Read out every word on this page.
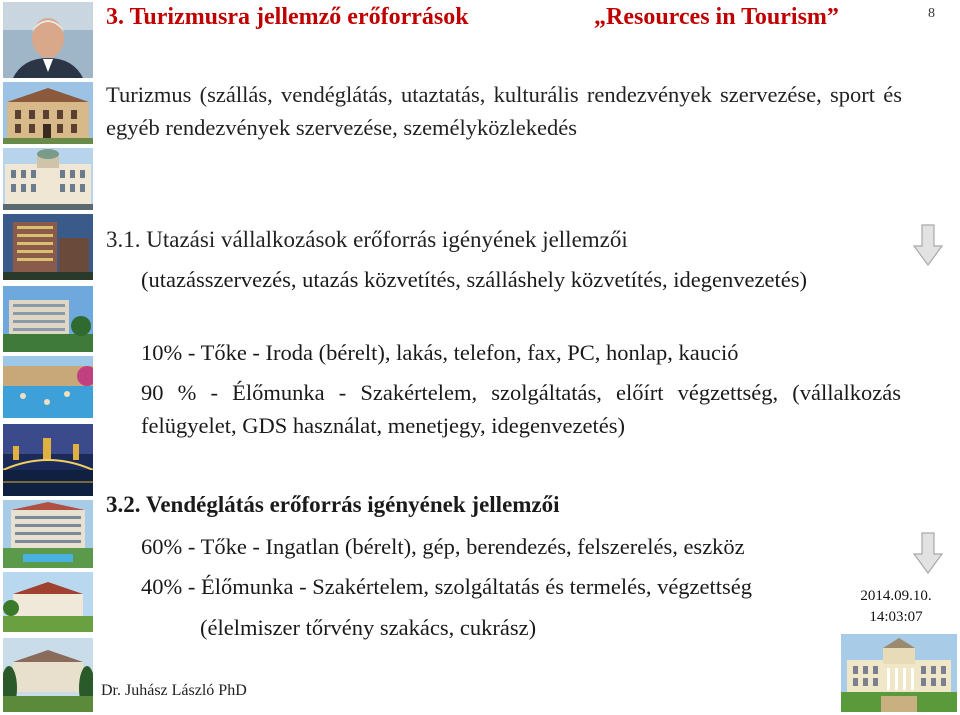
3. Turizmusra jellemző erőforrások	„Resources in Tourism”	8
Turizmus (szállás, vendéglátás, utaztatás, kulturális rendezvények szervezése, sport és egyéb rendezvények szervezése, személyközlekedés
3.1. Utazási vállalkozások erőforrás igényének jellemzői
(utazásszervezés, utazás közvetítés, szálláshely közvetítés, idegenvezetés)
10% - Tőke - Iroda (bérelt), lakás, telefon, fax, PC, honlap, kaució
90 % - Élőmunka - Szakértelem, szolgáltatás, előírt végzettség, (vállalkozás felügyelet, GDS használat, menetjegy, idegenvezetés)
3.2. Vendéglátás erőforrás igényének jellemzői
60% - Tőke - Ingatlan (bérelt), gép, berendezés, felszerelés, eszköz
40% - Élőmunka - Szakértelem, szolgáltatás és termelés, végzettség
(élelmiszer tőrvény szakács, cukrász)
2014.09.10.
14:03:07
Dr. Juhász László PhD
